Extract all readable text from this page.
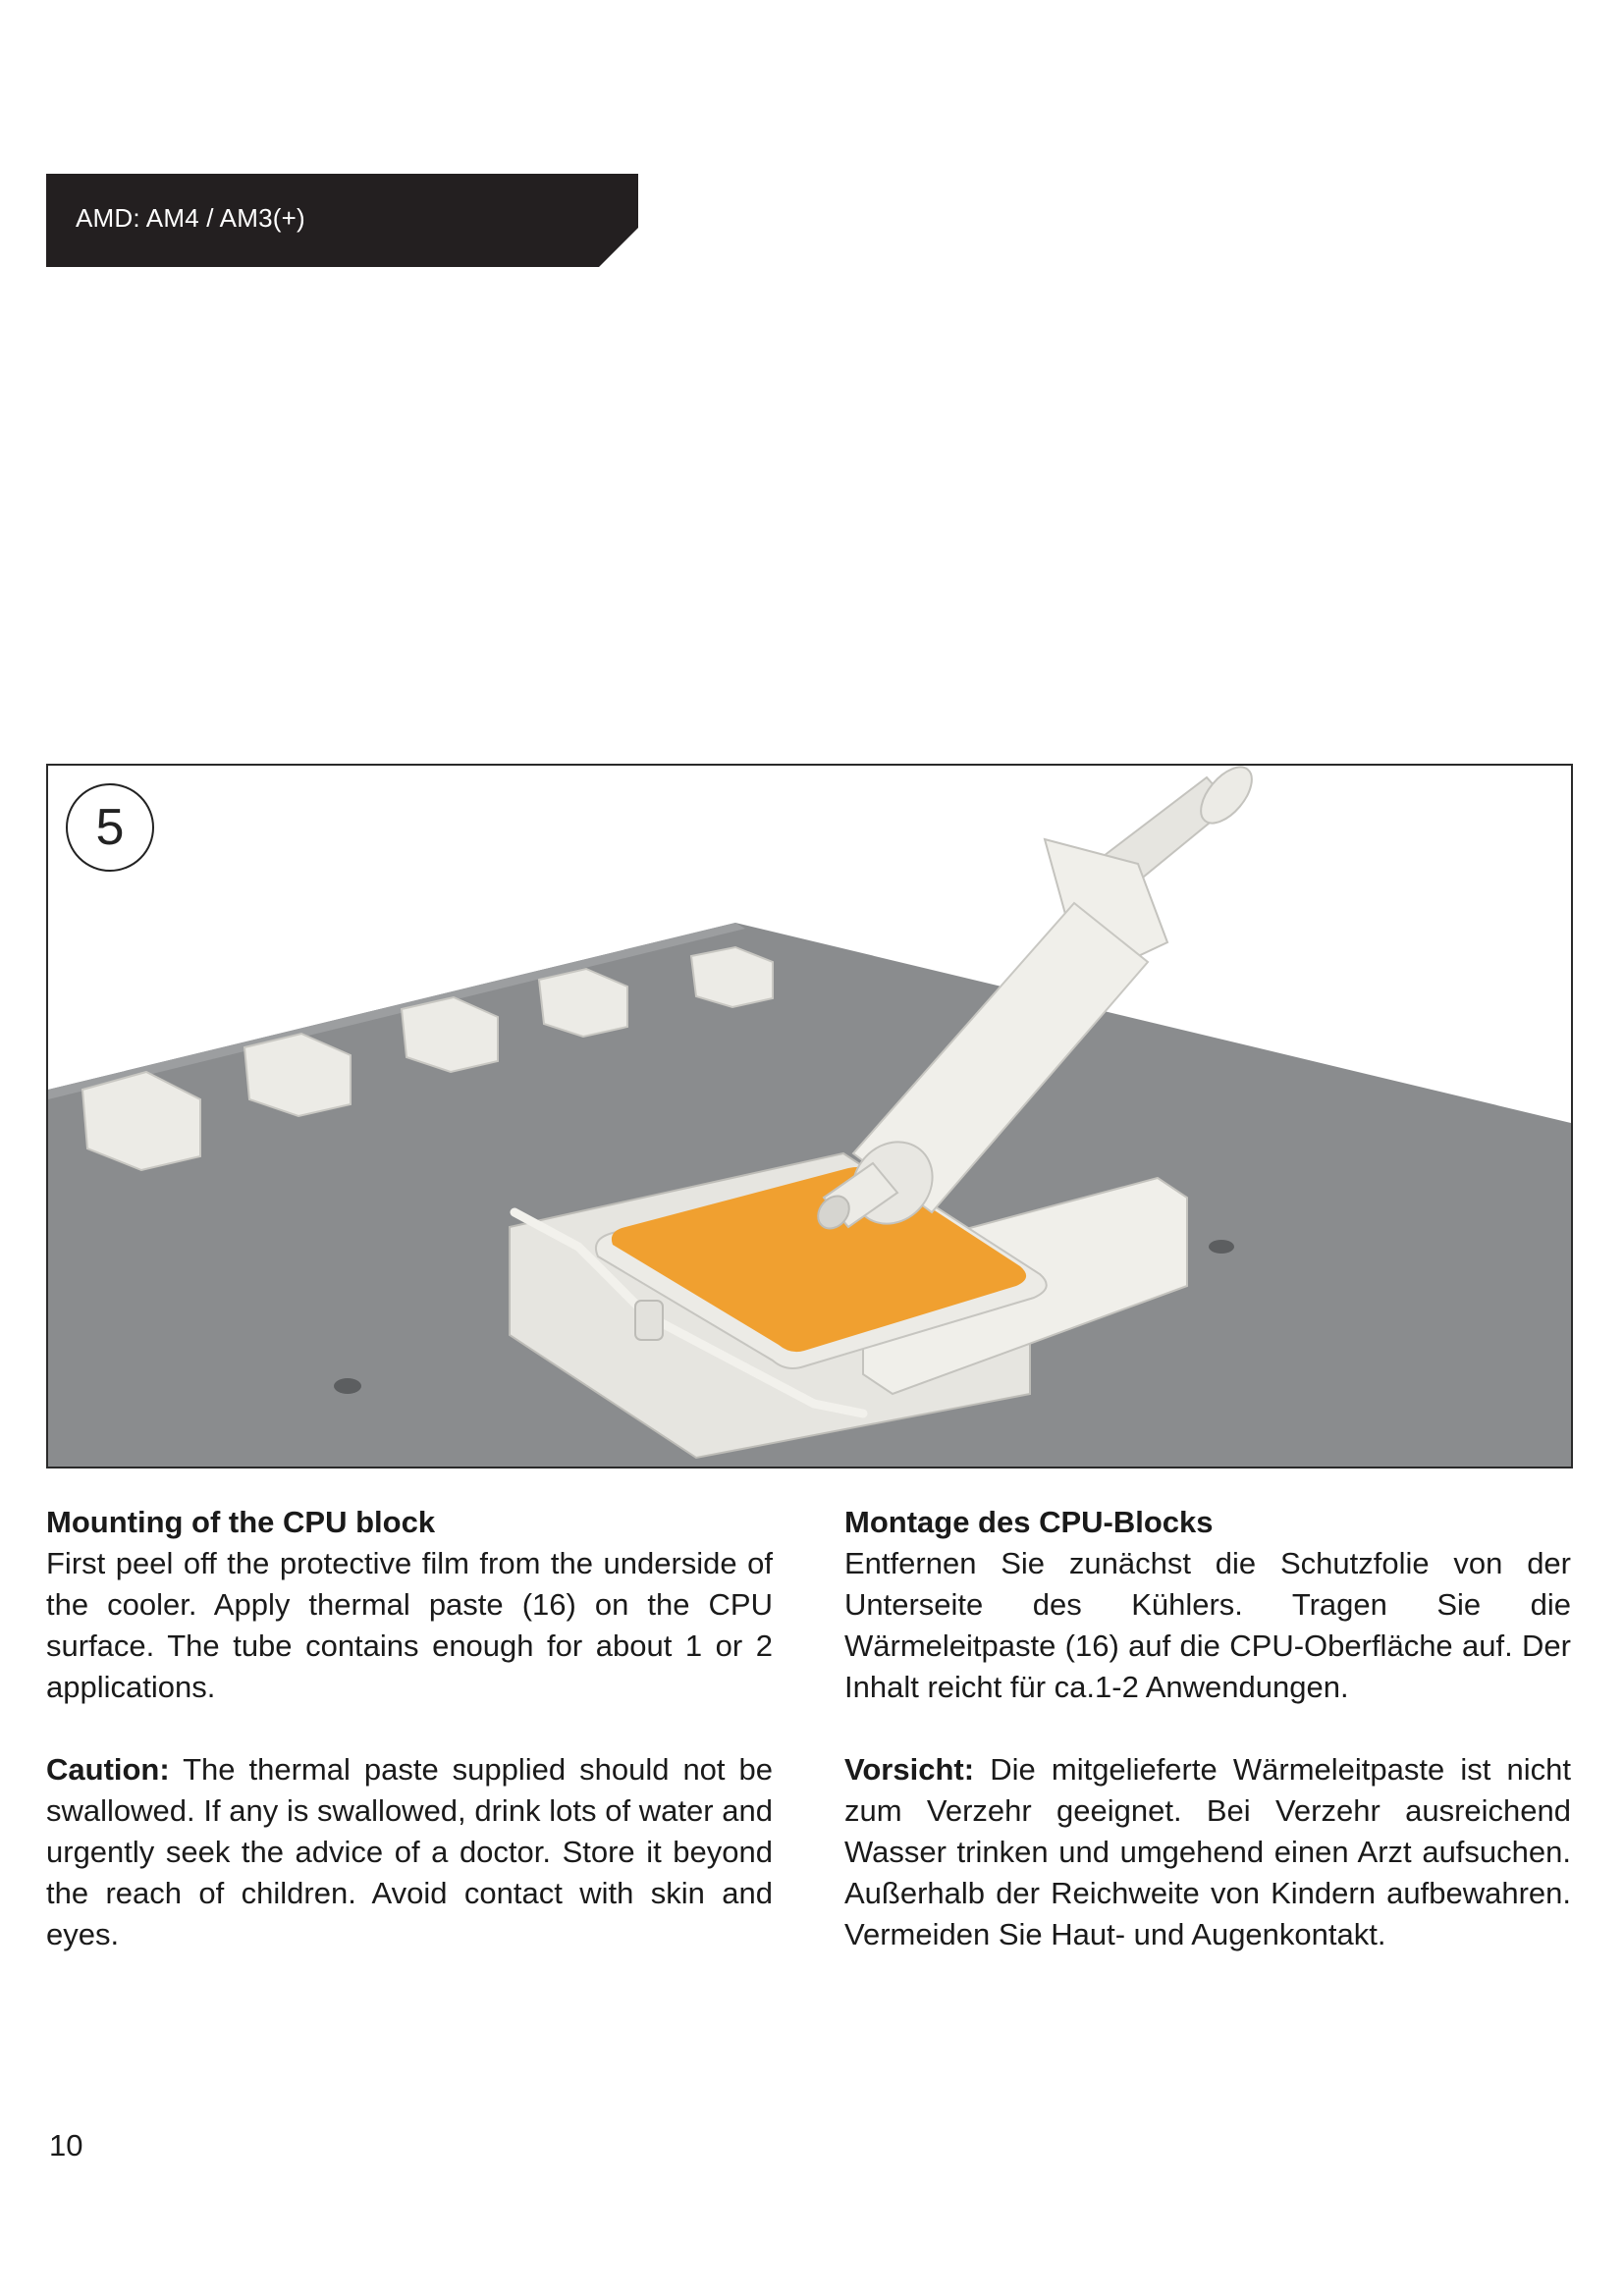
AMD: AM4 / AM3(+)
5
Mounting of the CPU block

First peel off the protective film from the underside of the cooler. Apply thermal paste (16) on the CPU surface. The tube contains enough for about 1 or 2 applications.

Caution: The thermal paste supplied should not be swallowed. If any is swallowed, drink lots of water and urgently seek the advice of a doctor. Store it beyond the reach of children. Avoid contact with skin and eyes.

Montage des CPU-Blocks

Entfernen Sie zunächst die Schutzfolie von der Unterseite des Kühlers. Tragen Sie die Wärmeleitpaste (16) auf die CPU-Oberfläche auf. Der Inhalt reicht für ca.1-2 Anwendungen.

Vorsicht: Die mitgelieferte Wärmeleitpaste ist nicht zum Verzehr geeignet. Bei Verzehr ausreichend Wasser trinken und umgehend einen Arzt aufsuchen. Außerhalb der Reichweite von Kindern aufbewahren. Vermeiden Sie Haut- und Augenkontakt.

10
